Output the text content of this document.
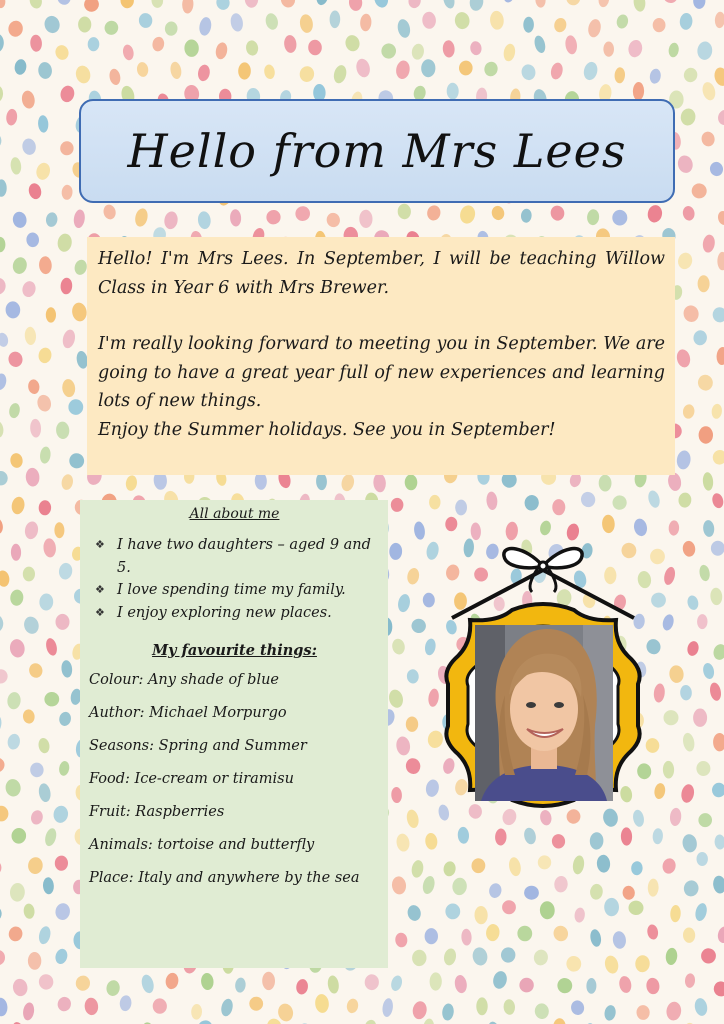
Hello from Mrs Lees

Hello! I'm Mrs Lees. In September, I will be teaching Willow Class in Year 6 with Mrs Brewer.

I'm really looking forward to meeting you in September. We are going to have a great year full of new experiences and learning lots of new things.

Enjoy the Summer holidays. See you in September!

All about me
❖ I have two daughters – aged 9 and 5.
❖ I love spending time my family.
❖ I enjoy exploring new places.
My favourite things:
Colour: Any shade of blue
Author: Michael Morpurgo
Seasons: Spring and Summer
Food: Ice-cream or tiramisu
Fruit: Raspberries
Animals: tortoise and butterfly
Place: Italy and anywhere by the sea
